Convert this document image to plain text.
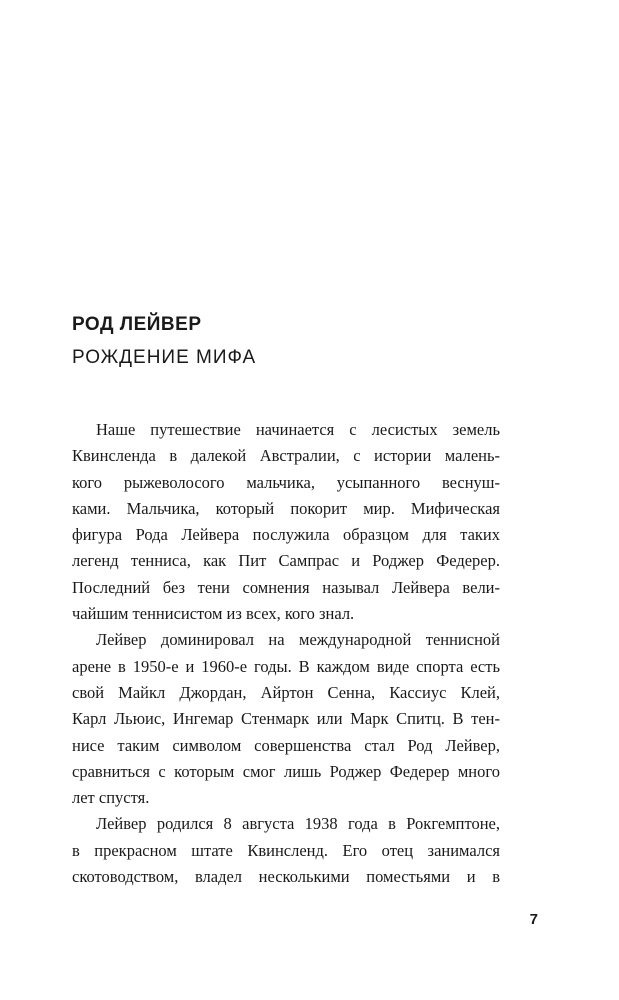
РОД ЛЕЙВЕР
РОЖДЕНИЕ МИФА
Наше путешествие начинается с лесистых земель
Квинсленда в далекой Австралии, с истории малень-
кого рыжеволосого мальчика, усыпанного веснуш-
ками. Мальчика, который покорит мир. Мифическая
фигура Рода Лейвера послужила образцом для таких
легенд тенниса, как Пит Сампрас и Роджер Федерер.
Последний без тени сомнения называл Лейвера вели-
чайшим теннисистом из всех, кого знал.
Лейвер доминировал на международной теннисной
арене в 1950-е и 1960-е годы. В каждом виде спорта есть
свой Майкл Джордан, Айртон Сенна, Кассиус Клей,
Карл Льюис, Ингемар Стенмарк или Марк Спитц. В тен-
нисе таким символом совершенства стал Род Лейвер,
сравниться с которым смог лишь Роджер Федерер много
лет спустя.
Лейвер родился 8 августа 1938 года в Рокгемптоне,
в прекрасном штате Квинсленд. Его отец занимался
скотоводством, владел несколькими поместьями и в
7
